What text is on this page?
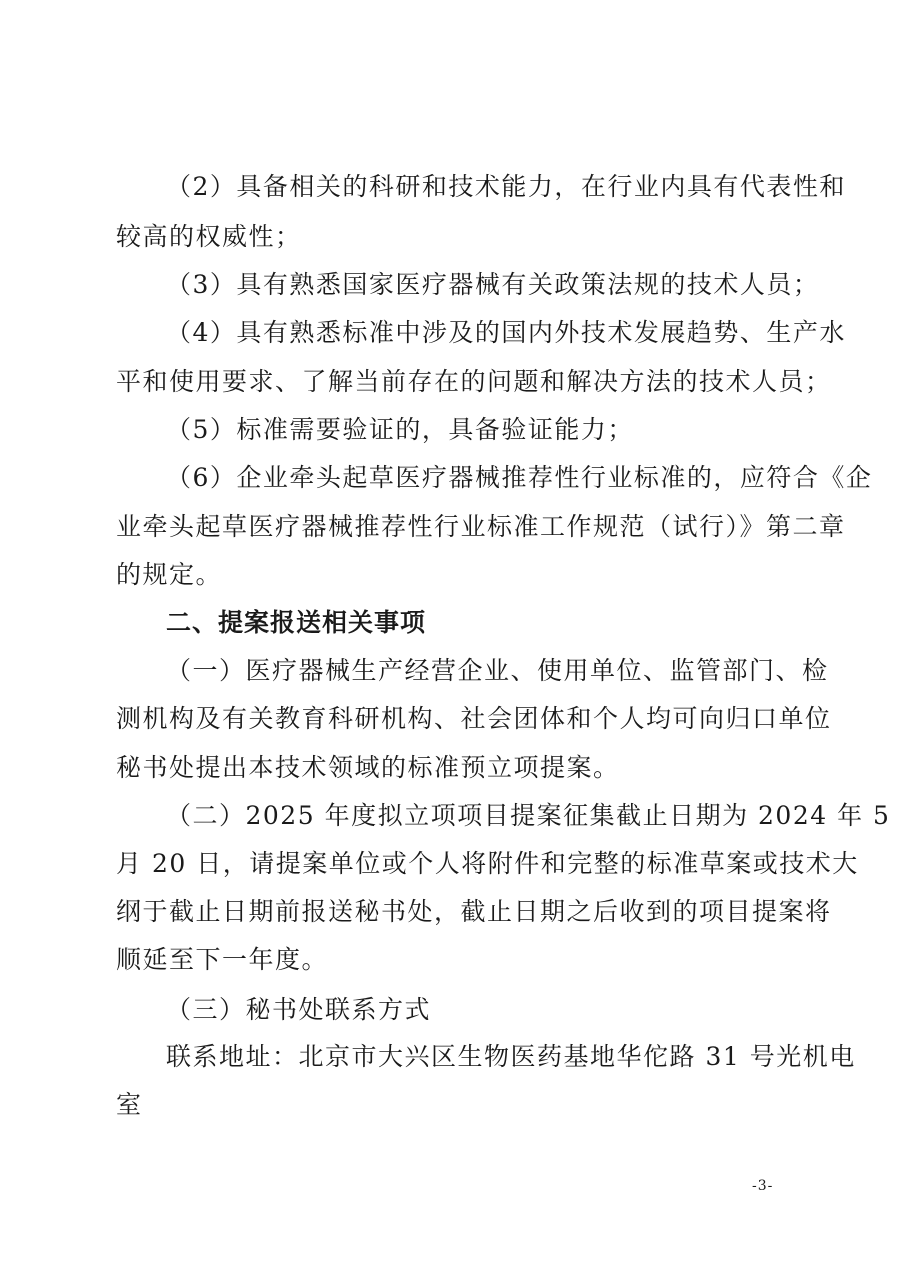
（2）具备相关的科研和技术能力，在行业内具有代表性和
较高的权威性；
（3）具有熟悉国家医疗器械有关政策法规的技术人员；
（4）具有熟悉标准中涉及的国内外技术发展趋势、生产水
平和使用要求、了解当前存在的问题和解决方法的技术人员；
（5）标准需要验证的，具备验证能力；
（6）企业牵头起草医疗器械推荐性行业标准的，应符合《企
业牵头起草医疗器械推荐性行业标准工作规范（试行）》第二章
的规定。
二、提案报送相关事项
（一）医疗器械生产经营企业、使用单位、监管部门、检
测机构及有关教育科研机构、社会团体和个人均可向归口单位
秘书处提出本技术领域的标准预立项提案。
（二）2025 年度拟立项项目提案征集截止日期为 2024 年 5
月 20 日，请提案单位或个人将附件和完整的标准草案或技术大
纲于截止日期前报送秘书处，截止日期之后收到的项目提案将
顺延至下一年度。
（三）秘书处联系方式
联系地址：北京市大兴区生物医药基地华佗路 31 号光机电
室
-3-
